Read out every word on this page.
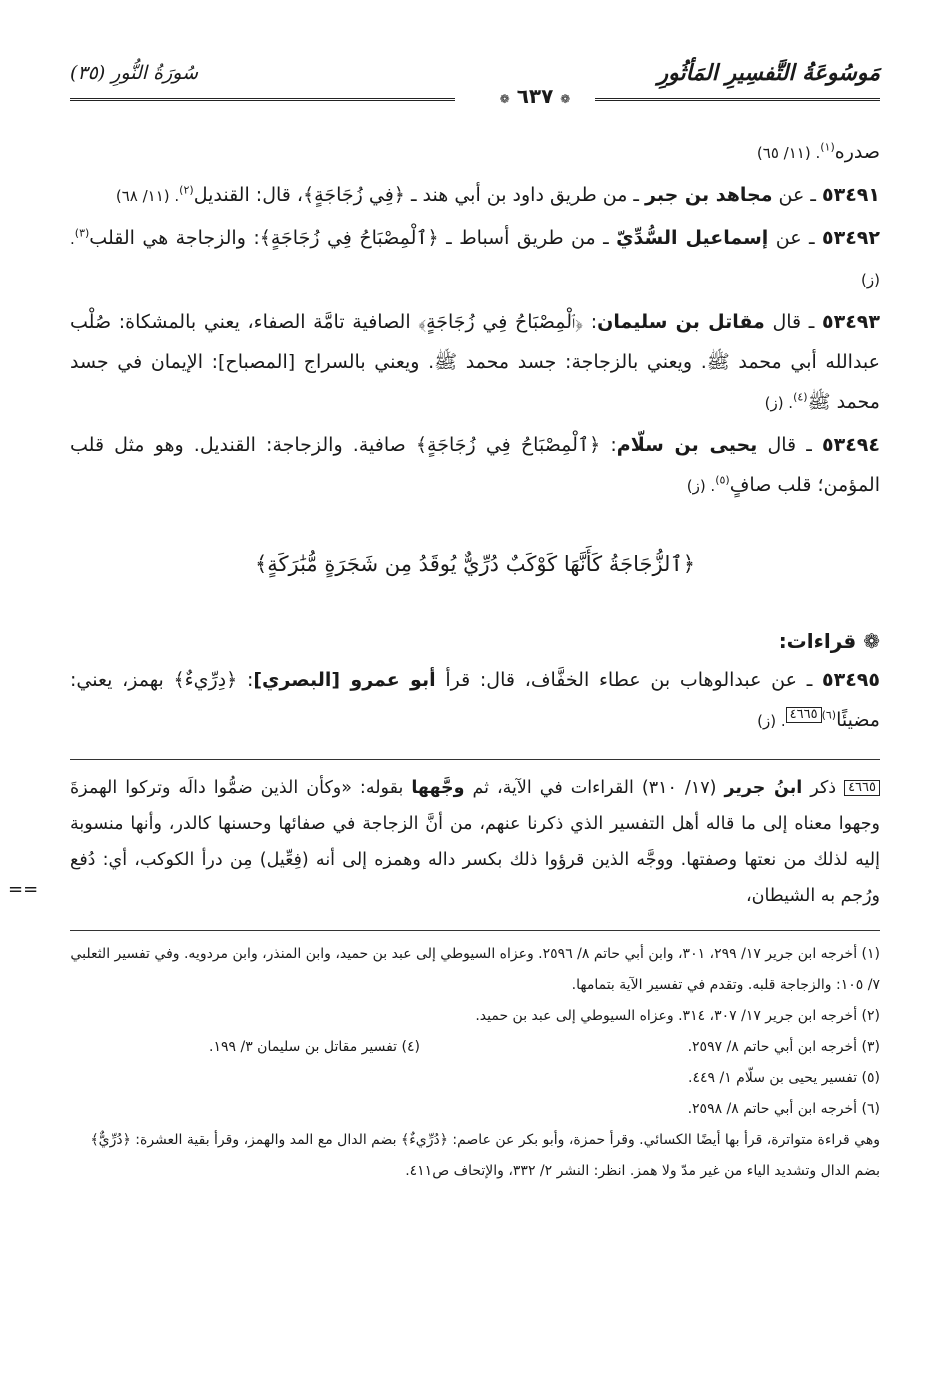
مَوسُوعَةُ التَّفسِيرِ المَأثُورِ
سُورَةُ النُّورِ (٣٥)
❁ ٦٣٧ ❁

صدره$^{(١)}$. (١١/ ٦٥)

٥٣٤٩١ ـ عن مجاهد بن جبر ـ من طريق داود بن أبي هند ـ ﴿فِي زُجَاجَةٍ﴾، قال: القنديل$^{(٢)}$. (١١/ ٦٨)

٥٣٤٩٢ ـ عن إسماعيل السُّدِّيّ ـ من طريق أسباط ـ ﴿ٱلْمِصْبَاحُ فِي زُجَاجَةٍ﴾: والزجاجة هي القلب$^{(٣)}$. (ز)

٥٣٤٩٣ ـ قال مقاتل بن سليمان: ﴿ٱلْمِصْبَاحُ فِي زُجَاجَةٍ﴾ الصافية تامَّة الصفاء، يعني بالمشكاة: صُلْب عبدالله أبي محمد ﷺ. ويعني بالزجاجة: جسد محمد ﷺ. ويعني بالسراج [المصباح]: الإيمان في جسد محمد ﷺ$^{(٤)}$. (ز)

٥٣٤٩٤ ـ قال يحيى بن سلّام: ﴿ٱلْمِصْبَاحُ فِي زُجَاجَةٍ﴾ صافية. والزجاجة: القنديل. وهو مثل قلب المؤمن؛ قلب صافٍ$^{(٥)}$. (ز)

﴿ٱلزُّجَاجَةُ كَأَنَّهَا كَوْكَبٌ دُرِّيٌّ يُوقَدُ مِن شَجَرَةٍ مُّبَٰرَكَةٍ﴾
❁ قراءات:

٥٣٤٩٥ ـ عن عبدالوهاب بن عطاء الخفَّاف، قال: قرأ أبو عمرو [البصري]: ﴿دِرِّيءٌ﴾ بهمز، يعني: مضيئًا$^{(٦)}$٤٦٦٥. (ز)

٤٦٦٥ ذكر ابنُ جرير (١٧/ ٣١٠) القراءات في الآية، ثم وجَّهها بقوله: «وكأن الذين ضمُّوا دالَه وتركوا الهمزةَ وجهوا معناه إلى ما قاله أهل التفسير الذي ذكرنا عنهم، من أنَّ الزجاجة في صفائها وحسنها كالدر، وأنها منسوبة إليه لذلك من نعتها وصفتها. ووجَّه الذين قرؤوا ذلك بكسر داله وهمزه إلى أنه (فِعِّيل) مِن درأ الكوكب، أي: دُفع ورُجم به الشيطان،
==

(١) أخرجه ابن جرير ١٧/ ٢٩٩، ٣٠١، وابن أبي حاتم ٨/ ٢٥٩٦. وعزاه السيوطي إلى عبد بن حميد، وابن المنذر، وابن مردويه. وفي تفسير الثعلبي ٧/ ١٠٥: والزجاجة قلبه. وتقدم في تفسير الآية بتمامها.

(٢) أخرجه ابن جرير ١٧/ ٣٠٧، ٣١٤. وعزاه السيوطي إلى عبد بن حميد.

(٣) أخرجه ابن أبي حاتم ٨/ ٢٥٩٧.
(٤) تفسير مقاتل بن سليمان ٣/ ١٩٩.

(٥) تفسير يحيى بن سلّام ١/ ٤٤٩.

(٦) أخرجه ابن أبي حاتم ٨/ ٢٥٩٨.

وهي قراءة متواترة، قرأ بها أيضًا الكسائي. وقرأ حمزة، وأبو بكر عن عاصم: ﴿دُرِّيءٌ﴾ بضم الدال مع المد والهمز، وقرأ بقية العشرة: ﴿دُرِّيٌّ﴾ بضم الدال وتشديد الياء من غير مدّ ولا همز. انظر: النشر ٢/ ٣٣٢، والإتحاف ص٤١١.
